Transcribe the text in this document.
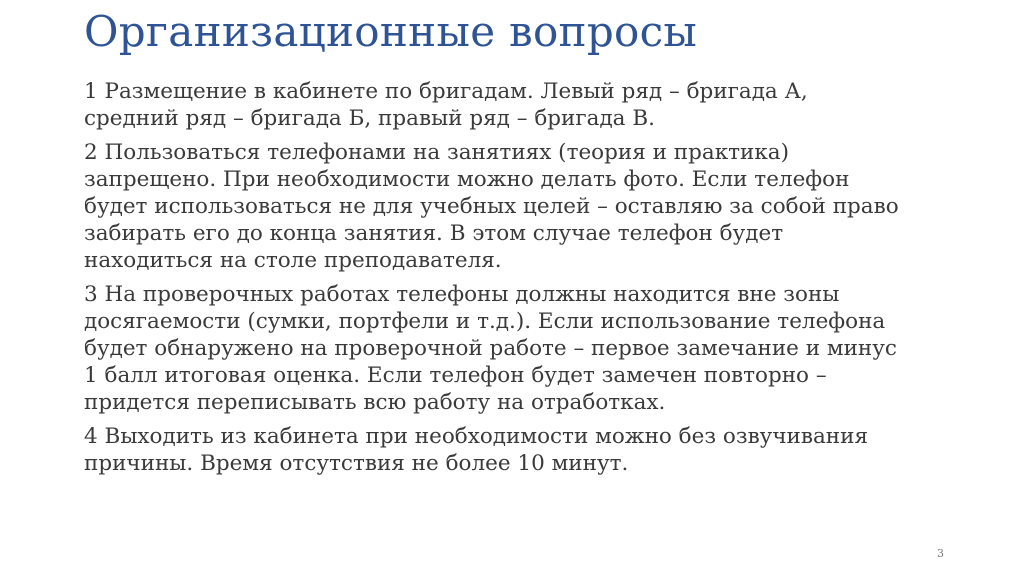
Организационные вопросы

1 Размещение в кабинете по бригадам. Левый ряд – бригада А,
средний ряд – бригада Б, правый ряд – бригада В.

2 Пользоваться телефонами на занятиях (теория и практика)
запрещено. При необходимости можно делать фото. Если телефон
будет использоваться не для учебных целей – оставляю за собой право
забирать его до конца занятия. В этом случае телефон будет
находиться на столе преподавателя.

3 На проверочных работах телефоны должны находится вне зоны
досягаемости (сумки, портфели и т.д.). Если использование телефона
будет обнаружено на проверочной работе – первое замечание и минус
1 балл итоговая оценка. Если телефон будет замечен повторно –
придется переписывать всю работу на отработках.

4 Выходить из кабинета при необходимости можно без озвучивания
причины. Время отсутствия не более 10 минут.

3
